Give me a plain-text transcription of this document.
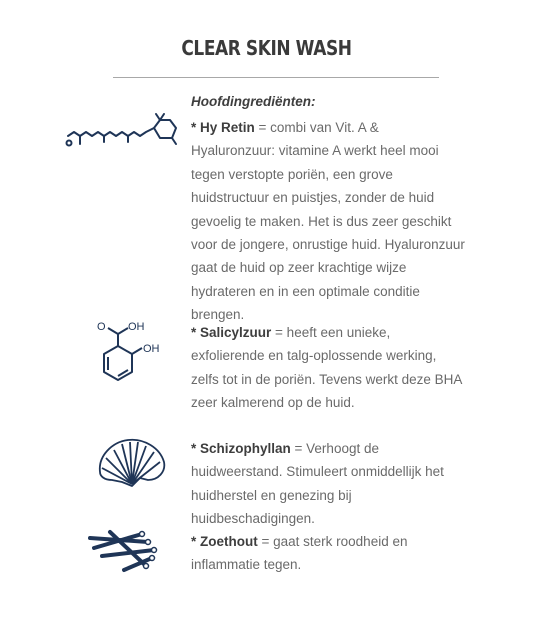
CLEAR SKIN WASH
Hoofdingrediënten:
* Hy Retin = combi van Vit. A & Hyaluronzuur: vitamine A werkt heel mooi tegen verstopte poriën, een grove huidstructuur en puistjes, zonder de huid gevoelig te maken. Het is dus zeer geschikt voor de jongere, onrustige huid. Hyaluronzuur gaat de huid op zeer krachtige wijze hydrateren en in een optimale conditie brengen.
O OH
OH
* Salicylzuur = heeft een unieke, exfolierende en talg-oplossende werking, zelfs tot in de poriën. Tevens werkt deze BHA zeer kalmerend op de huid.
* Schizophyllan = Verhoogt de huidweerstand. Stimuleert onmiddellijk het huidherstel en genezing bij huidbeschadigingen.
* Zoethout = gaat sterk roodheid en inflammatie tegen.
